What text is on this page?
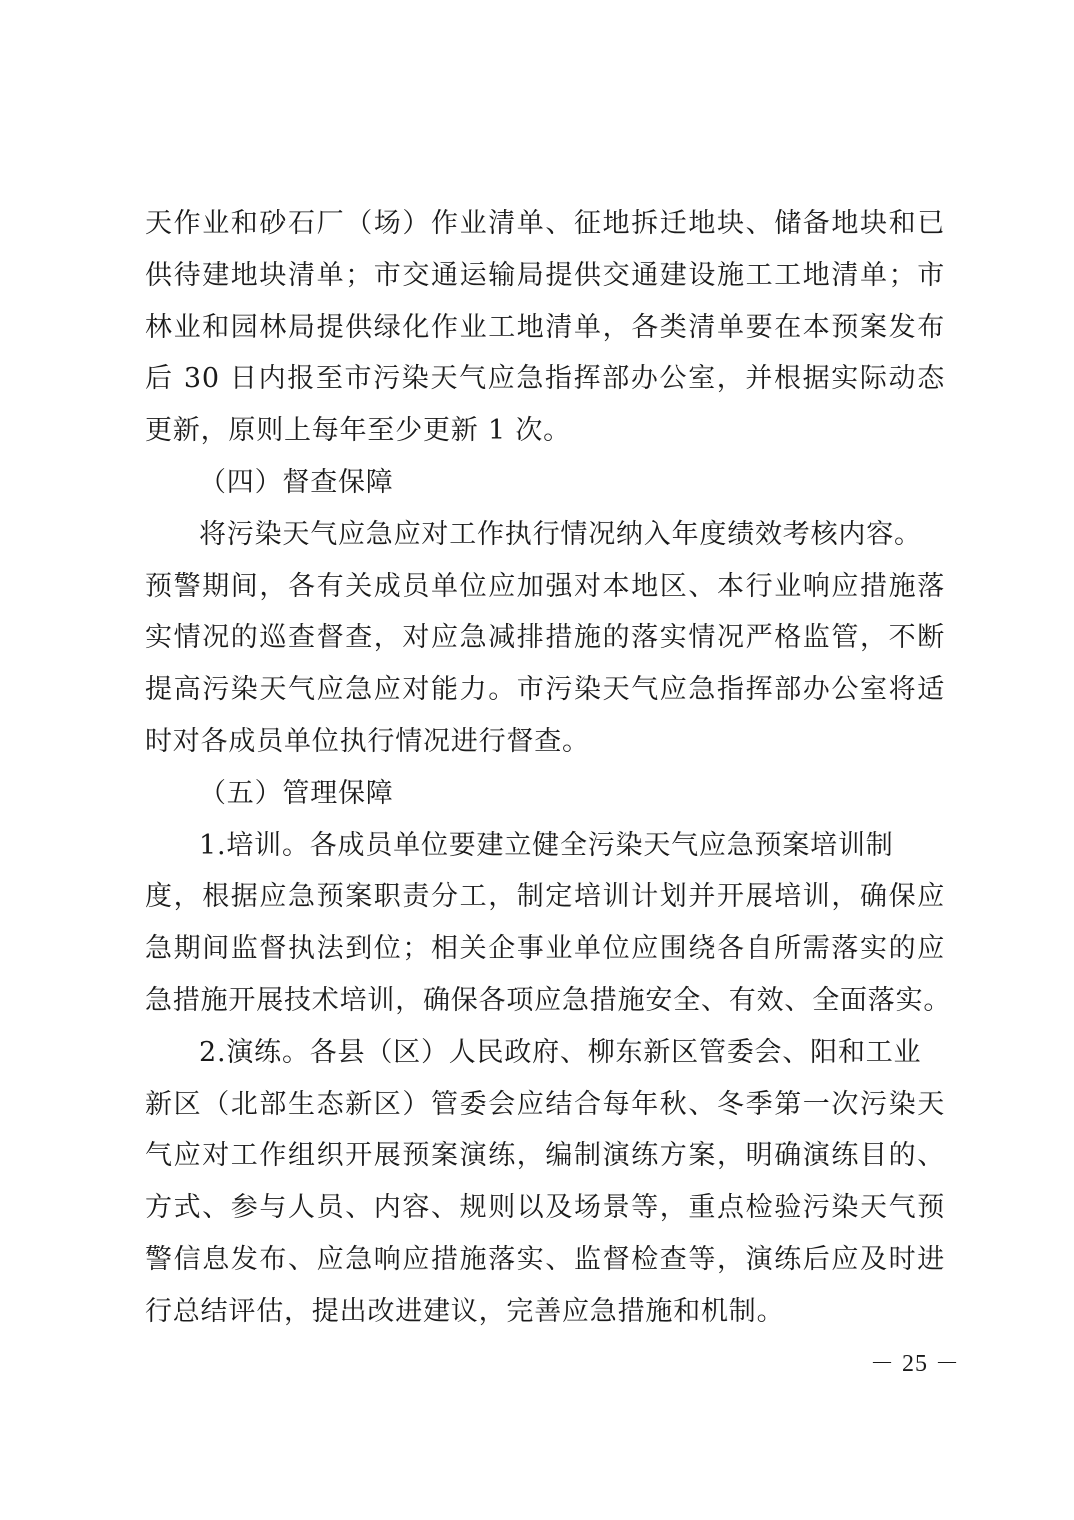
天作业和砂石厂（场）作业清单、征地拆迁地块、储备地块和已
供待建地块清单；市交通运输局提供交通建设施工工地清单；市
林业和园林局提供绿化作业工地清单，各类清单要在本预案发布
后 30 日内报至市污染天气应急指挥部办公室，并根据实际动态
更新，原则上每年至少更新 1 次。
（四）督查保障
将污染天气应急应对工作执行情况纳入年度绩效考核内容。
预警期间，各有关成员单位应加强对本地区、本行业响应措施落
实情况的巡查督查，对应急减排措施的落实情况严格监管，不断
提高污染天气应急应对能力。市污染天气应急指挥部办公室将适
时对各成员单位执行情况进行督查。
（五）管理保障
1.培训。各成员单位要建立健全污染天气应急预案培训制
度，根据应急预案职责分工，制定培训计划并开展培训，确保应
急期间监督执法到位；相关企事业单位应围绕各自所需落实的应
急措施开展技术培训，确保各项应急措施安全、有效、全面落实。
2.演练。各县（区）人民政府、柳东新区管委会、阳和工业
新区（北部生态新区）管委会应结合每年秋、冬季第一次污染天
气应对工作组织开展预案演练，编制演练方案，明确演练目的、
方式、参与人员、内容、规则以及场景等，重点检验污染天气预
警信息发布、应急响应措施落实、监督检查等，演练后应及时进
行总结评估，提出改进建议，完善应急措施和机制。
－ 25 －
